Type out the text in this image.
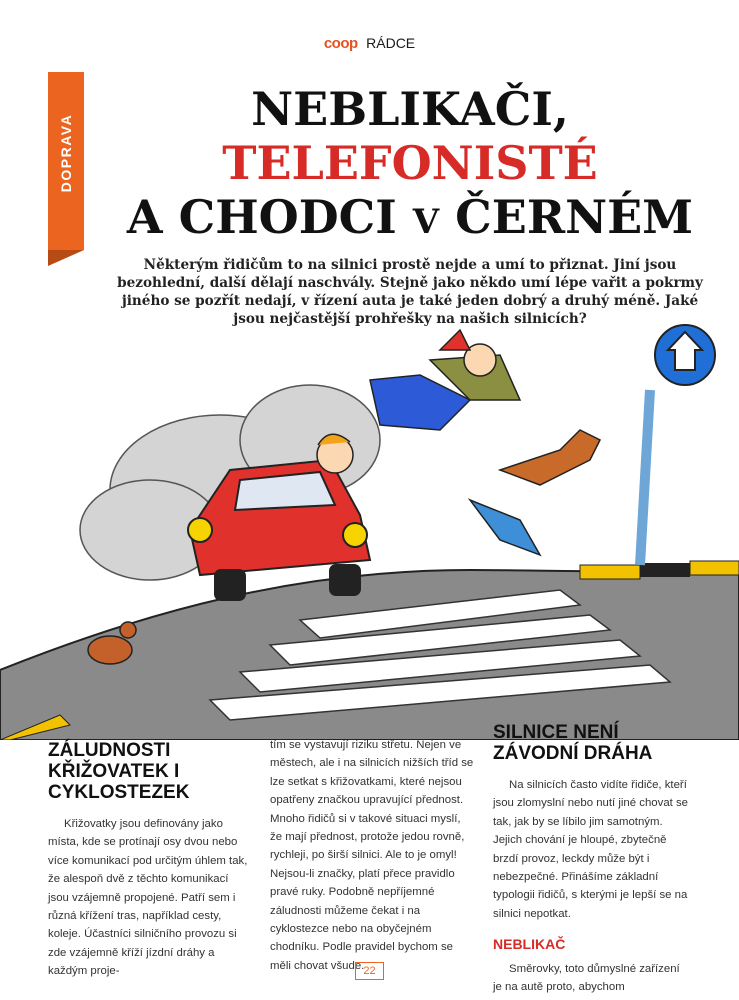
coop RÁDCE
DOPRAVA
NEBLIKAČI,
TELEFONISTÉ
A CHODCI V ČERNÉM
Některým řidičům to na silnici prostě nejde a umí to přiznat. Jiní jsou bezohlední, další dělají naschvály. Stejně jako někdo umí lépe vařit a pokrmy jiného se pozřít nedají, v řízení auta je také jeden dobrý a druhý méně. Jaké jsou nejčastější prohřešky na našich silnicích?
ZÁLUDNOSTI KŘIŽOVATEK I CYKLOSTEZEK

Křižovatky jsou definovány jako místa, kde se protínají osy dvou nebo více komunikací pod určitým úhlem tak, že alespoň dvě z těchto komunikací jsou vzájemně propojené. Patří sem i různá křížení tras, například cesty, koleje. Účastníci silničního provozu si zde vzájemně kříží jízdní dráhy a každým proje-

tím se vystavují riziku střetu. Nejen ve městech, ale i na silnicích nižších tříd se lze setkat s křižovatkami, které nejsou opatřeny značkou upravující přednost. Mnoho řidičů si v takové situaci myslí, že mají přednost, protože jedou rovně, rychleji, po širší silnici. Ale to je omyl! Nejsou-li značky, platí přece pravidlo pravé ruky. Podobně nepříjemné záludnosti můžeme čekat i na cyklostezce nebo na obyčejném chodníku. Podle pravidel bychom se měli chovat všude.

SILNICE NENÍ ZÁVODNÍ DRÁHA

Na silnicích často vidíte řidiče, kteří jsou zlomyslní nebo nutí jiné chovat se tak, jak by se líbilo jim samotným. Jejich chování je hloupé, zbytečně brzdí provoz, leckdy může být i nebezpečné. Přinášíme základní typologii řidičů, s kterými je lepší se na silnici nepotkat.

NEBLIKAČ

Směrovky, toto důmyslné zařízení je na autě proto, abychom

22
